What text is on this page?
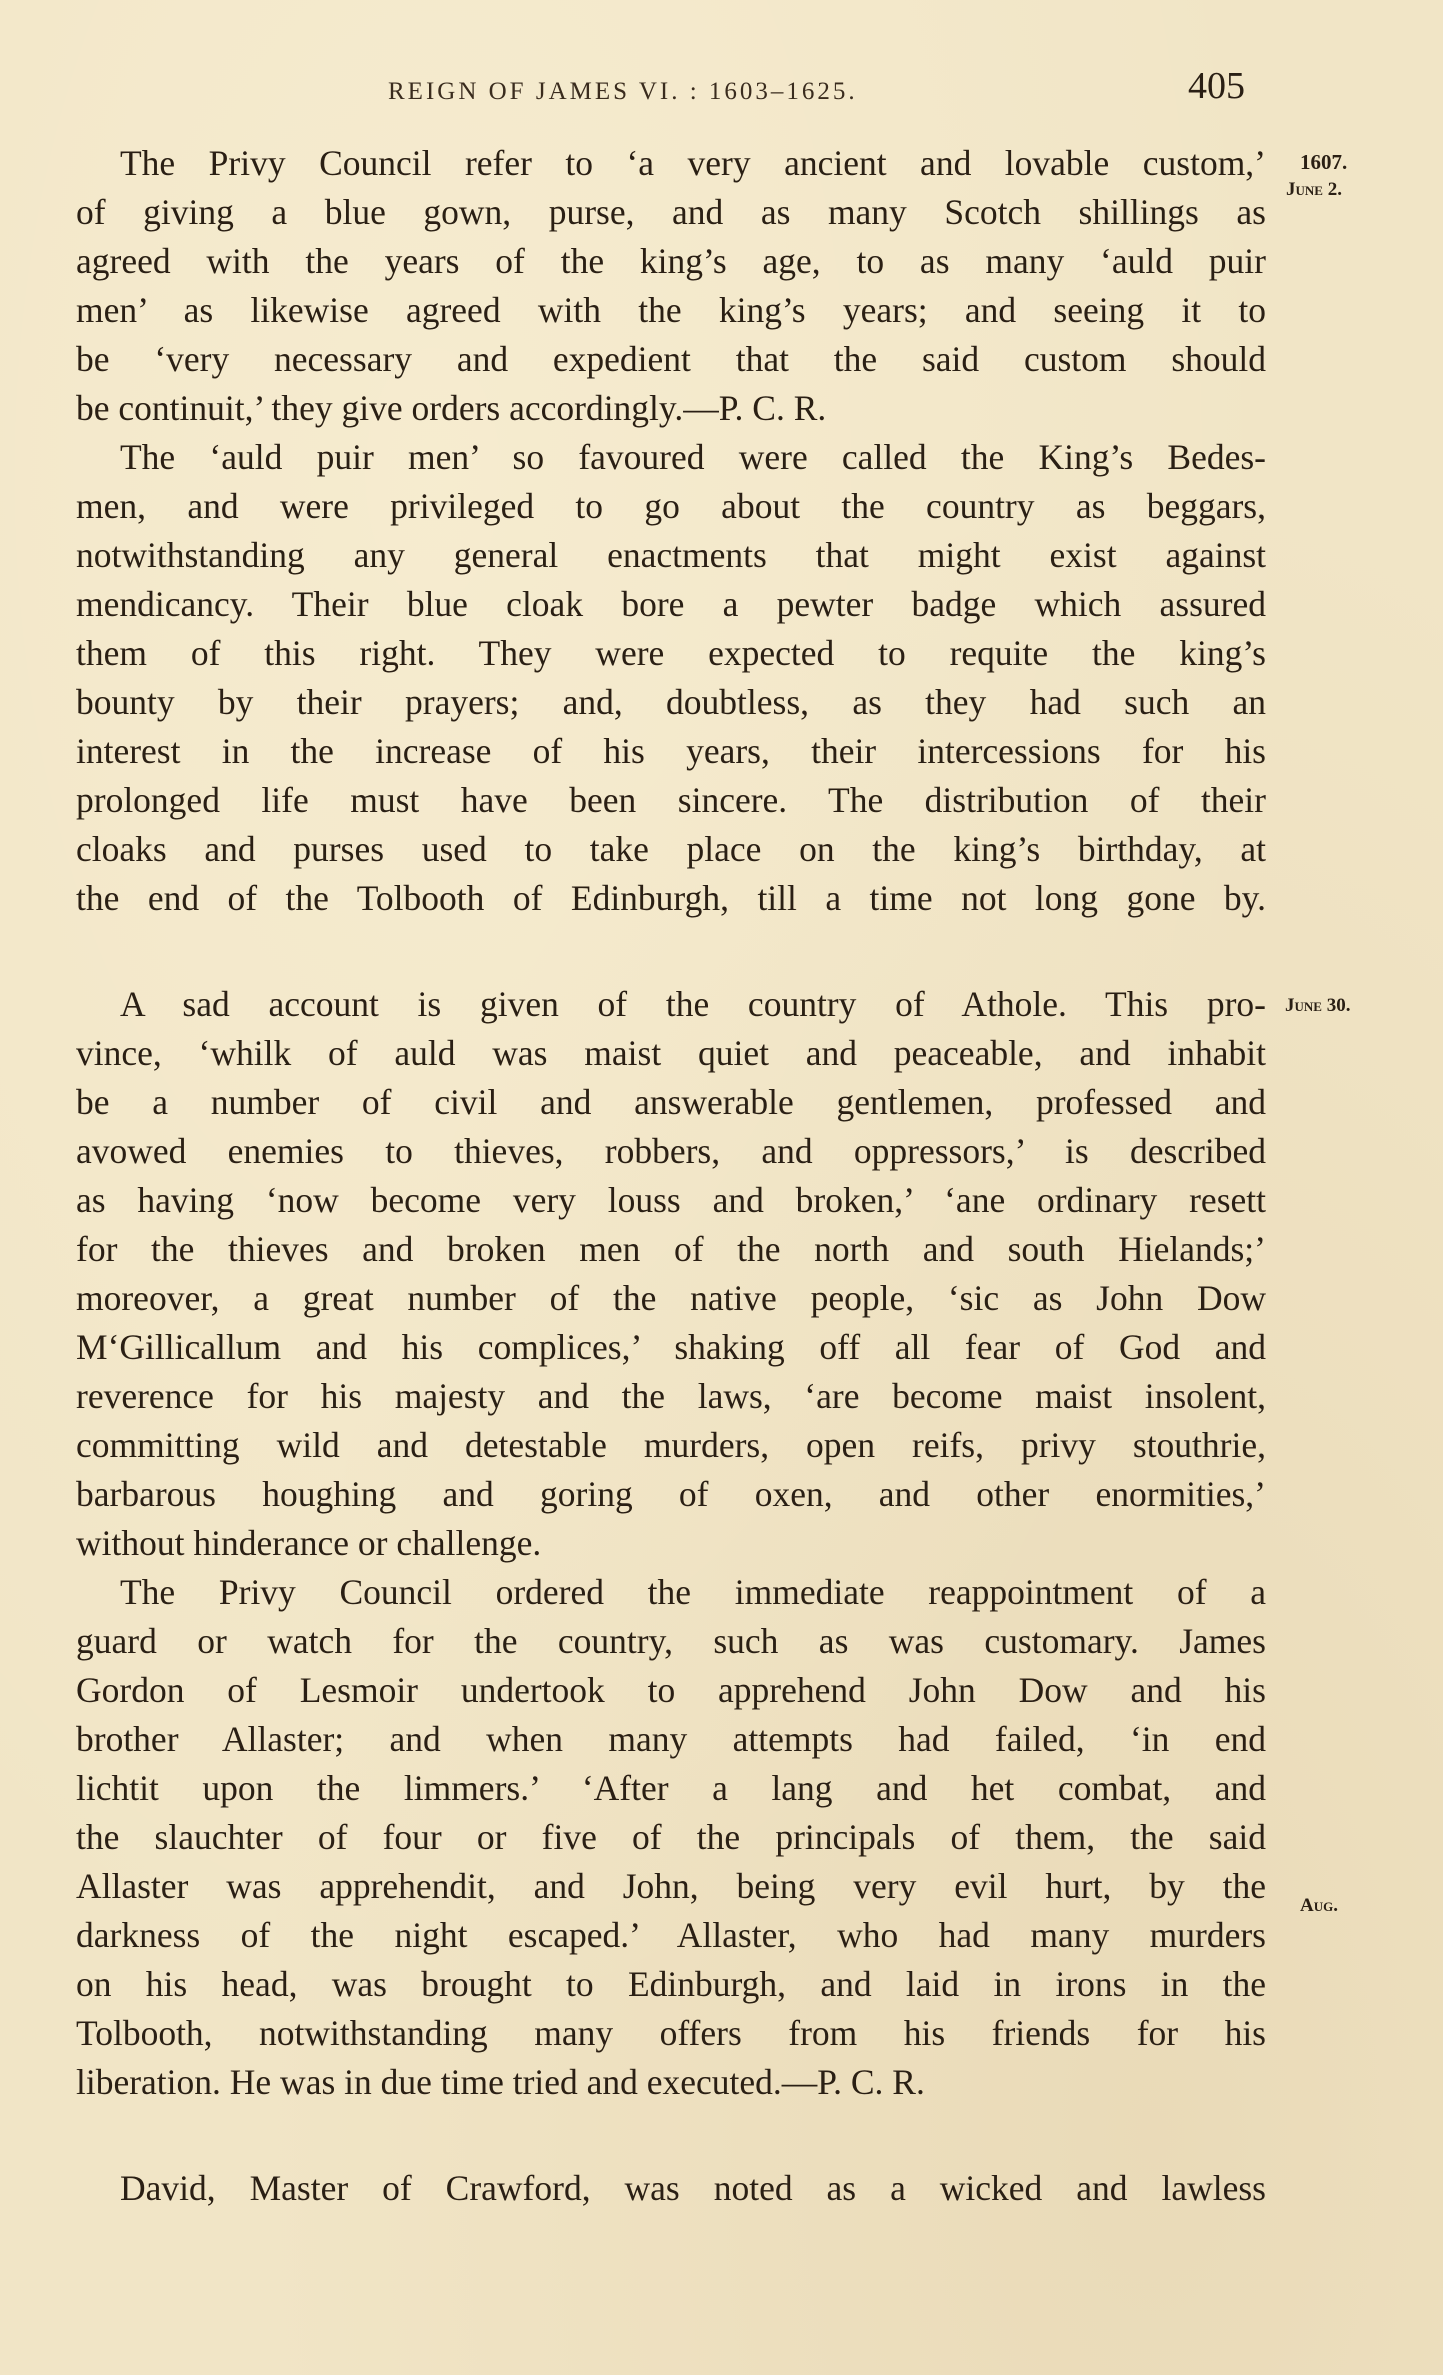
REIGN OF JAMES VI. : 1603–1625.	405
1607.
June 2.
June 30.
Aug.
The Privy Council refer to ‘a very ancient and lovable custom,’
of giving a blue gown, purse, and as many Scotch shillings as
agreed with the years of the king’s age, to as many ‘auld puir
men’ as likewise agreed with the king’s years; and seeing it to
be ‘very necessary and expedient that the said custom should
be continuit,’ they give orders accordingly.—P. C. R.
The ‘auld puir men’ so favoured were called the King’s Bedes-
men, and were privileged to go about the country as beggars,
notwithstanding any general enactments that might exist against
mendicancy. Their blue cloak bore a pewter badge which assured
them of this right. They were expected to requite the king’s
bounty by their prayers; and, doubtless, as they had such an
interest in the increase of his years, their intercessions for his
prolonged life must have been sincere. The distribution of their
cloaks and purses used to take place on the king’s birthday, at
the end of the Tolbooth of Edinburgh, till a time not long gone by.
A sad account is given of the country of Athole. This pro-
vince, ‘whilk of auld was maist quiet and peaceable, and inhabit
be a number of civil and answerable gentlemen, professed and
avowed enemies to thieves, robbers, and oppressors,’ is described
as having ‘now become very louss and broken,’ ‘ane ordinary resett
for the thieves and broken men of the north and south Hielands;’
moreover, a great number of the native people, ‘sic as John Dow
M‘Gillicallum and his complices,’ shaking off all fear of God and
reverence for his majesty and the laws, ‘are become maist insolent,
committing wild and detestable murders, open reifs, privy stouthrie,
barbarous houghing and goring of oxen, and other enormities,’
without hinderance or challenge.
The Privy Council ordered the immediate reappointment of a
guard or watch for the country, such as was customary. James
Gordon of Lesmoir undertook to apprehend John Dow and his
brother Allaster; and when many attempts had failed, ‘in end
lichtit upon the limmers.’ ‘After a lang and het combat, and
the slauchter of four or five of the principals of them, the said
Allaster was apprehendit, and John, being very evil hurt, by the
darkness of the night escaped.’ Allaster, who had many murders
on his head, was brought to Edinburgh, and laid in irons in the
Tolbooth, notwithstanding many offers from his friends for his
liberation. He was in due time tried and executed.—P. C. R.
David, Master of Crawford, was noted as a wicked and lawless
